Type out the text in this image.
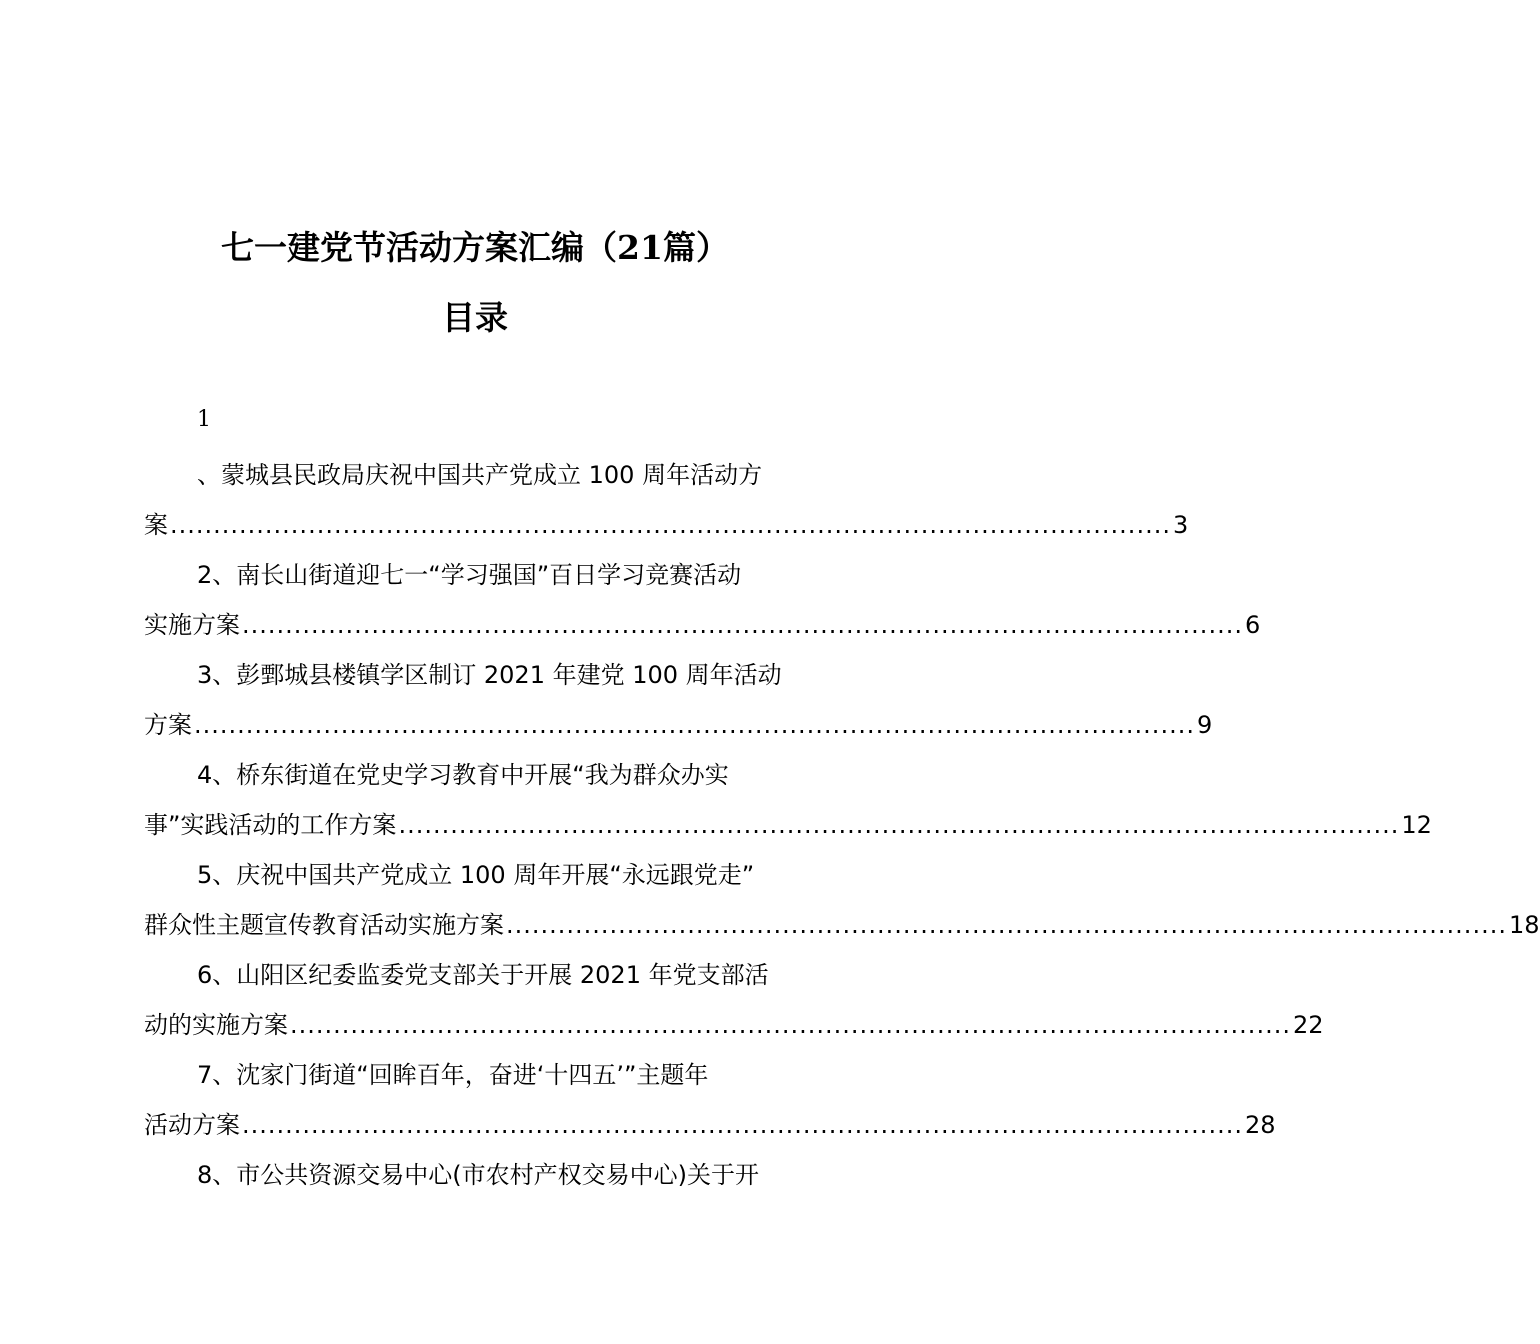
七一建党节活动方案汇编（21篇）
目录
1
、蒙城县民政局庆祝中国共产党成立 100 周年活动方
案 .................................................................................................................... 3
2、南长山街道迎七一“学习强国”百日学习竞赛活动
实施方案 .................................................................................................................... 6
3、彭鄄城县楼镇学区制订 2021 年建党 100 周年活动
方案 .................................................................................................................... 9
4、桥东街道在党史学习教育中开展“我为群众办实
事”实践活动的工作方案 .................................................................................................................... 12
5、庆祝中国共产党成立 100 周年开展“永远跟党走”
群众性主题宣传教育活动实施方案 .................................................................................................................... 18
6、山阳区纪委监委党支部关于开展 2021 年党支部活
动的实施方案 .................................................................................................................... 22
7、沈家门街道“回眸百年，奋进‘十四五’”主题年
活动方案 .................................................................................................................... 28
8、市公共资源交易中心(市农村产权交易中心)关于开
